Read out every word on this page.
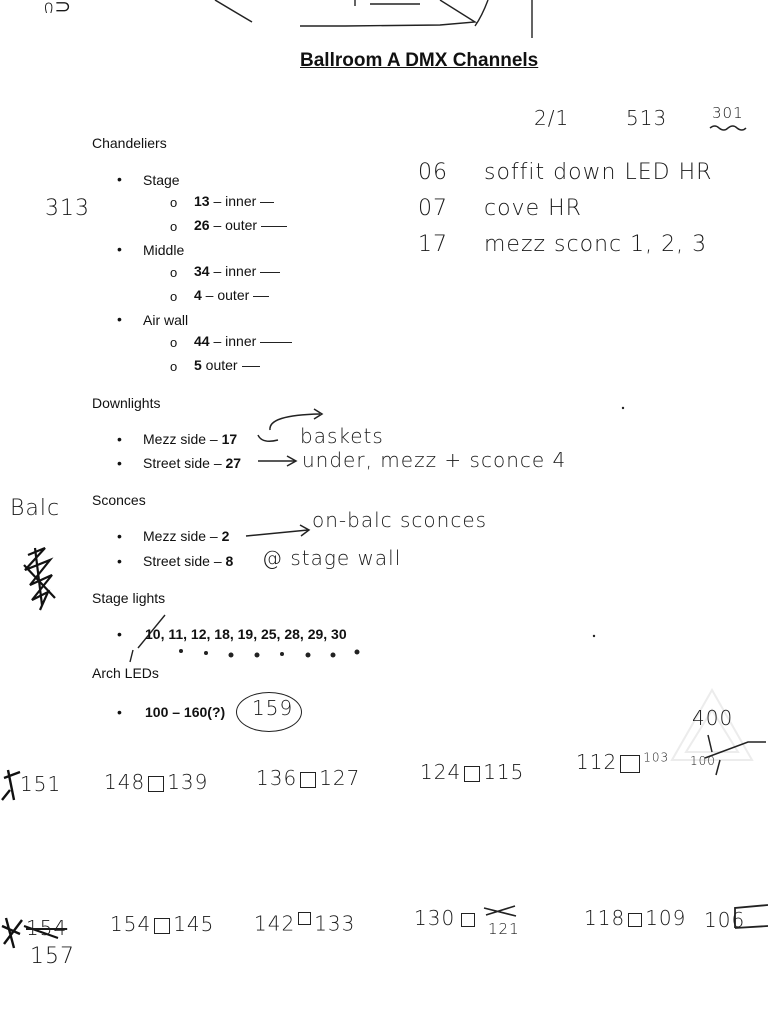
Ballroom A DMX Channels
Chandeliers
• Stage
o 13 – inner
o 26 – outer
• Middle
o 34 – inner
o 4 – outer
• Air wall
o 44 – inner
o 5 outer
Downlights
• Mezz side – 17
• Street side – 27
Sconces
• Mezz side – 2
• Street side – 8
Stage lights
• 10, 11, 12, 18, 19, 25, 28, 29, 30
Arch LEDs
• 100 – 160(?) 159
ი⊃
2/1	513	301
313
06 soffit down LED HR
07 cove HR
17 mezz sconc 1, 2, 3
baskets
under, mezz + sconce 4
Balc	on-balc sconces
@ stage wall
400
151 148 139 136 127	124 115	112 $^{103}$ 100
154
157
154 145 142 133	130	121	118 109 106
